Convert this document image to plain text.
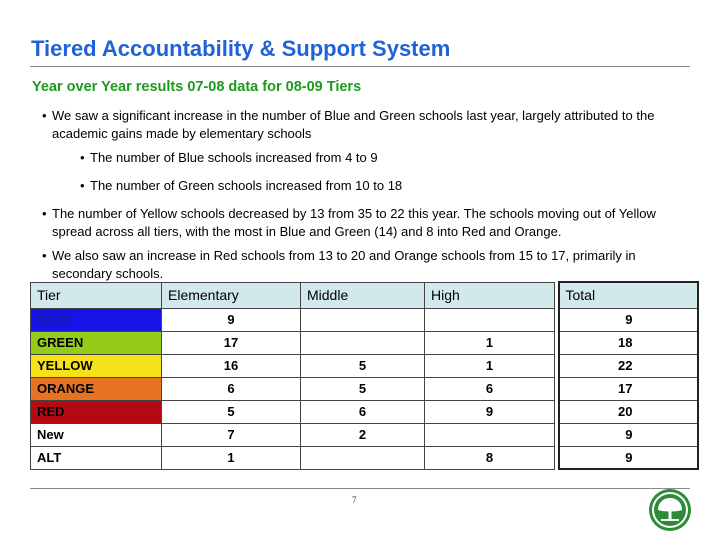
Tiered Accountability & Support System
Year over Year results 07-08 data for 08-09 Tiers

• We saw a significant increase in the number of Blue and Green schools last year, largely attributed to the academic gains made by elementary schools

• The number of Blue schools increased from 4 to 9

• The number of Green schools increased from 10 to 18

• The number of Yellow schools decreased by 13 from 35 to 22 this year. The schools moving out of Yellow spread across all tiers, with the most in Blue and Green (14) and 8 into Red and Orange.

• We also saw an increase in Red schools from 13 to 20 and Orange schools from 15 to 17, primarily in secondary schools.

Tier	Elementary	Middle	High		Total
BLUE	9				9
GREEN	17		1		18
YELLOW	16	5	1		22
ORANGE	6	5	6		17
RED	5	6	9		20
New	7	2			9
ALT	1		8		9
7
